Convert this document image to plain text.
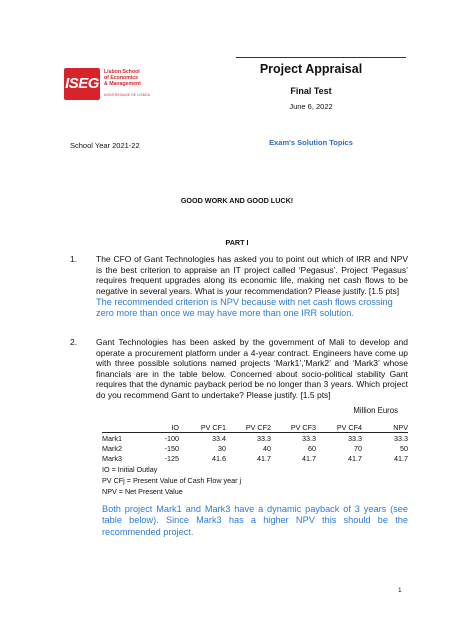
ISEG
Lisbon School
of Economics
& Management
UNIVERSIDADE DE LISBOA
Project Appraisal
Final Test
June 6, 2022
School Year 2021-22	Exam's Solution Topics
GOOD WORK AND GOOD LUCK!
PART I
1. The CFO of Gant Technologies has asked you to point out which of IRR and NPV is the best criterion to appraise an IT project called ‘Pegasus’. Project ‘Pegasus’ requires frequent upgrades along its economic life, making net cash flows to be negative in several years. What is your recommendation? Please justify. [1.5 pts]
The recommended criterion is NPV because with net cash flows crossing zero more than once we may have more than one IRR solution.
2. Gant Technologies has been asked by the government of Mali to develop and operate a procurement platform under a 4-year contract. Engineers have come up with three possible solutions named projects ‘Mark1’,’Mark2’ and ‘Mark3’ whose financials are in the table below. Concerned about socio-political stability Gant requires that the dynamic payback period be no longer than 3 years. Which project do you recommend Gant to undertake? Please justify. [1.5 pts]
Million Euros
	IO	PV CF1	PV CF2	PV CF3	PV CF4	NPV
Mark1	-100	33.4	33.3	33.3	33.3	33.3
Mark2	-150	30	40	60	70	50
Mark3	-125	41.6	41.7	41.7	41.7	41.7
IO = Initial Outlay
PV CFj = Present Value of Cash Flow year j
NPV = Net Present Value
Both project Mark1 and Mark3 have a dynamic payback of 3 years (see table below). Since Mark3 has a higher NPV this should be the recommended project.
1
